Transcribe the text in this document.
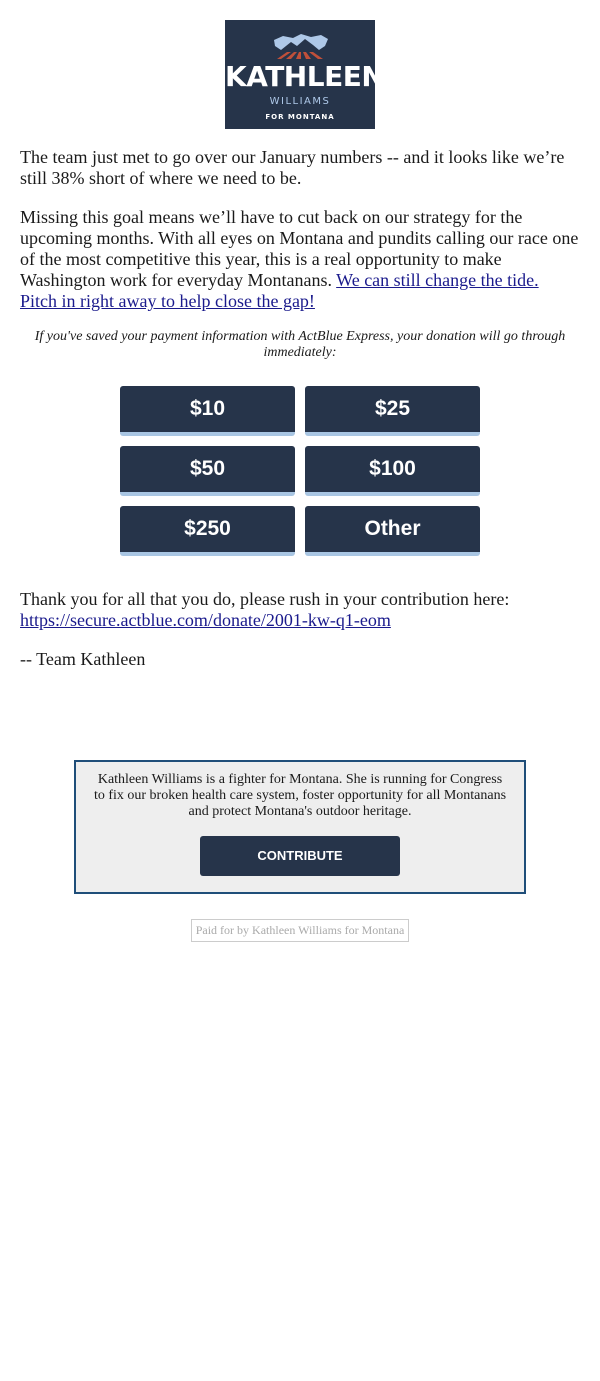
KATHLEEN
WILLIAMS
FOR MONTANA

The team just met to go over our January numbers -- and it looks like we’re still 38% short of where we need to be.

Missing this goal means we’ll have to cut back on our strategy for the upcoming months. With all eyes on Montana and pundits calling our race one of the most competitive this year, this is a real opportunity to make Washington work for everyday Montanans. We can still change the tide. Pitch in right away to help close the gap!

If you've saved your payment information with ActBlue Express, your donation will go through immediately:

$10	$25
$50	$100
$250	Other

Thank you for all that you do, please rush in your contribution here: https://secure.actblue.com/donate/2001-kw-q1-eom

-- Team Kathleen

Kathleen Williams is a fighter for Montana. She is running for Congress to fix our broken health care system, foster opportunity for all Montanans and protect Montana's outdoor heritage.

CONTRIBUTE
Paid for by Kathleen Williams for Montana
